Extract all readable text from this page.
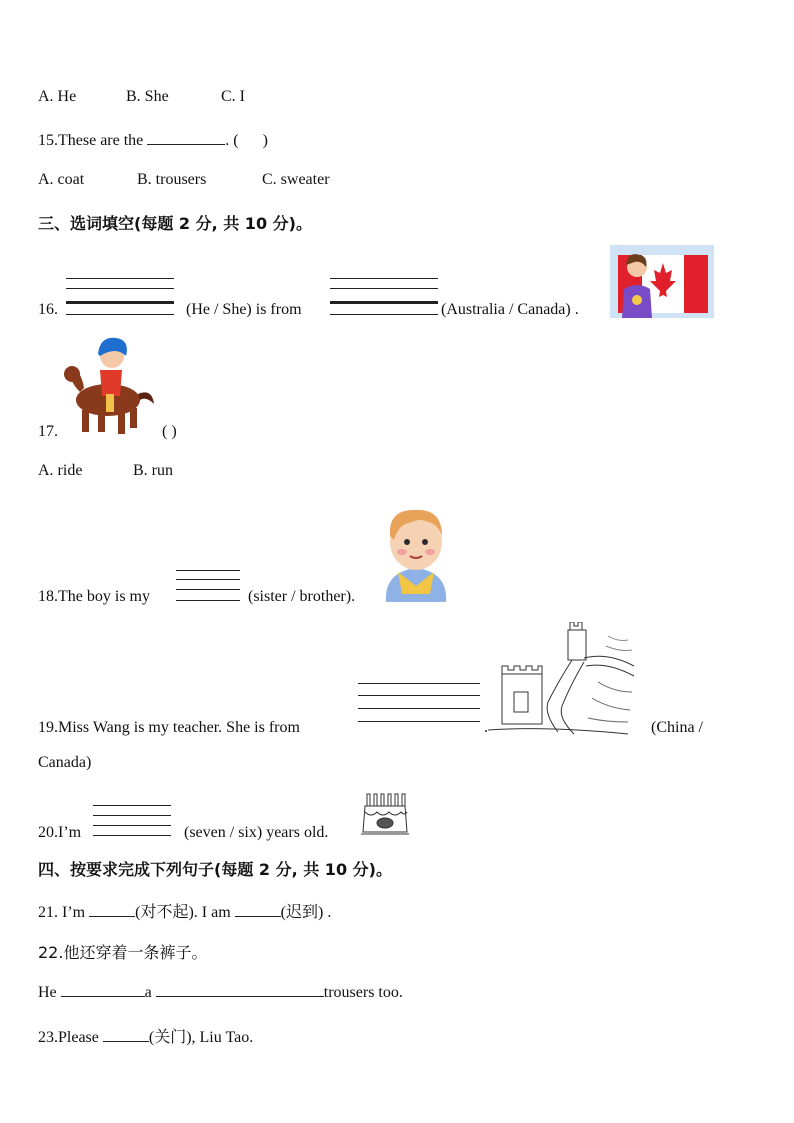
A. He	B. She	C. I
15.These are the	. ( )
A. coat	B. trousers	C. sweater
三、选词填空(每题 2 分, 共 10 分)。
16.	(He / She) is from	(Australia / Canada) .
17.	( )
A. ride	B. run
18.The boy is my	(sister / brother).
19.Miss Wang is my teacher. She is from	.	(China /
Canada)
20.I’m	(seven / six) years old.
四、按要求完成下列句子(每题 2 分, 共 10 分)。
21. I’m	(对不起). I am	(迟到) .
22.他还穿着一条裤子。
He	a	trousers too.
23.Please	(关门), Liu Tao.
